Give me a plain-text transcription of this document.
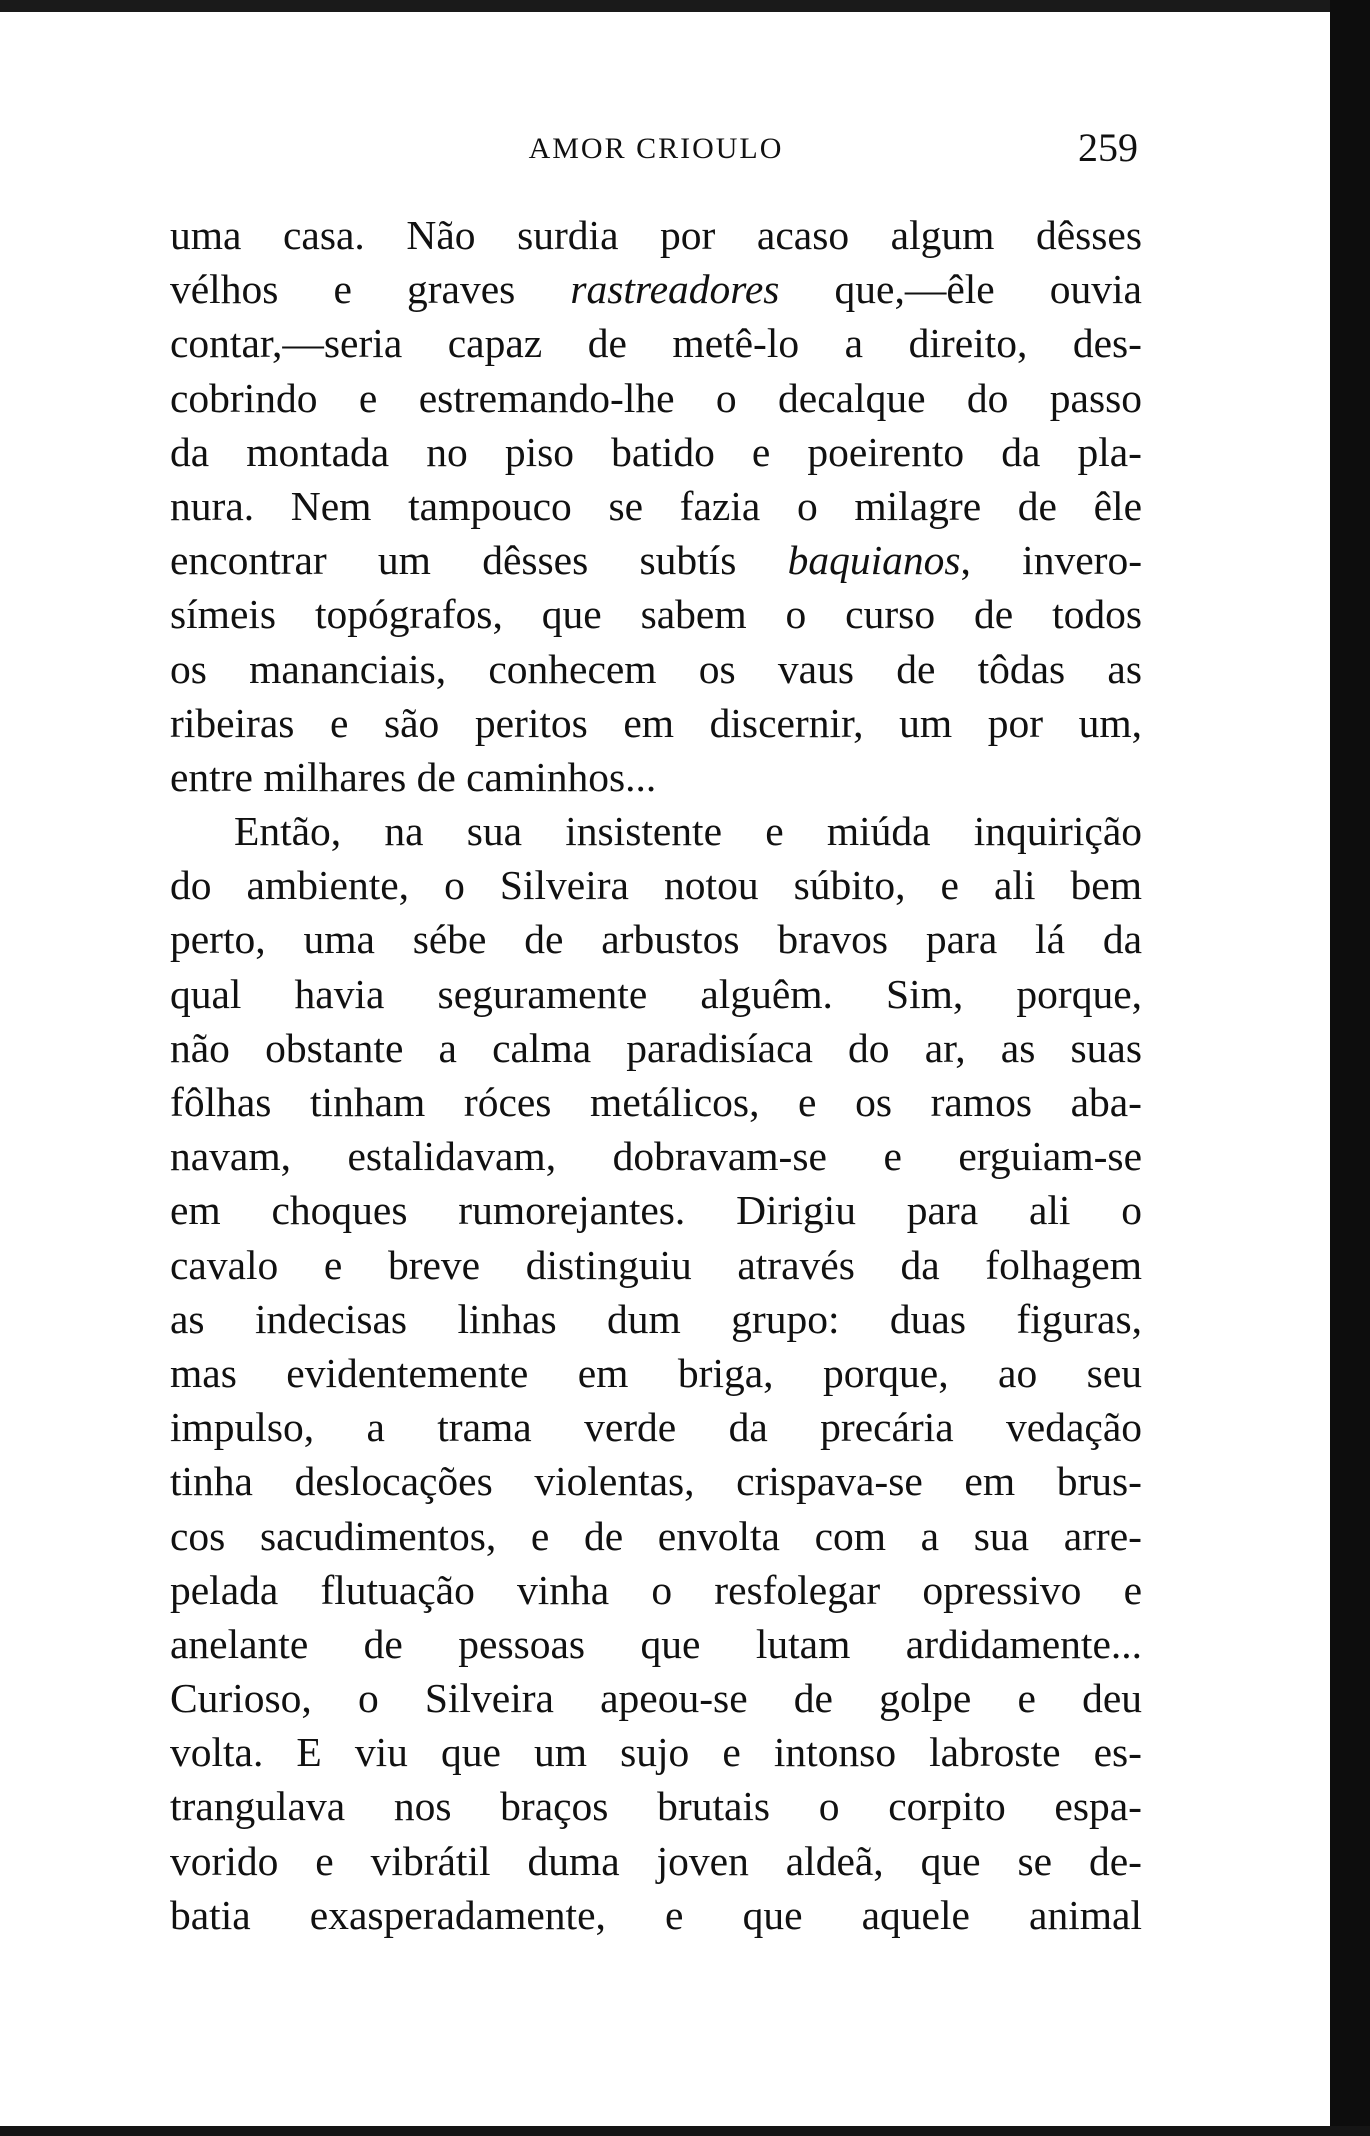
AMOR CRIOULO	259
uma casa. Não surdia por acaso algum dêsses
vélhos e graves rastreadores que,—êle ouvia
contar,—seria capaz de metê-lo a direito, des-
cobrindo e estremando-lhe o decalque do passo
da montada no piso batido e poeirento da pla-
nura. Nem tampouco se fazia o milagre de êle
encontrar um dêsses subtís baquianos, invero-
símeis topógrafos, que sabem o curso de todos
os mananciais, conhecem os vaus de tôdas as
ribeiras e são peritos em discernir, um por um,
entre milhares de caminhos...
Então, na sua insistente e miúda inquirição
do ambiente, o Silveira notou súbito, e ali bem
perto, uma sébe de arbustos bravos para lá da
qual havia seguramente alguêm. Sim, porque,
não obstante a calma paradisíaca do ar, as suas
fôlhas tinham róces metálicos, e os ramos aba-
navam, estalidavam, dobravam-se e erguiam-se
em choques rumorejantes. Dirigiu para ali o
cavalo e breve distinguiu através da folhagem
as indecisas linhas dum grupo: duas figuras,
mas evidentemente em briga, porque, ao seu
impulso, a trama verde da precária vedação
tinha deslocações violentas, crispava-se em brus-
cos sacudimentos, e de envolta com a sua arre-
pelada flutuação vinha o resfolegar opressivo e
anelante de pessoas que lutam ardidamente...
Curioso, o Silveira apeou-se de golpe e deu
volta. E viu que um sujo e intonso labroste es-
trangulava nos braços brutais o corpito espa-
vorido e vibrátil duma joven aldeã, que se de-
batia exasperadamente, e que aquele animal
